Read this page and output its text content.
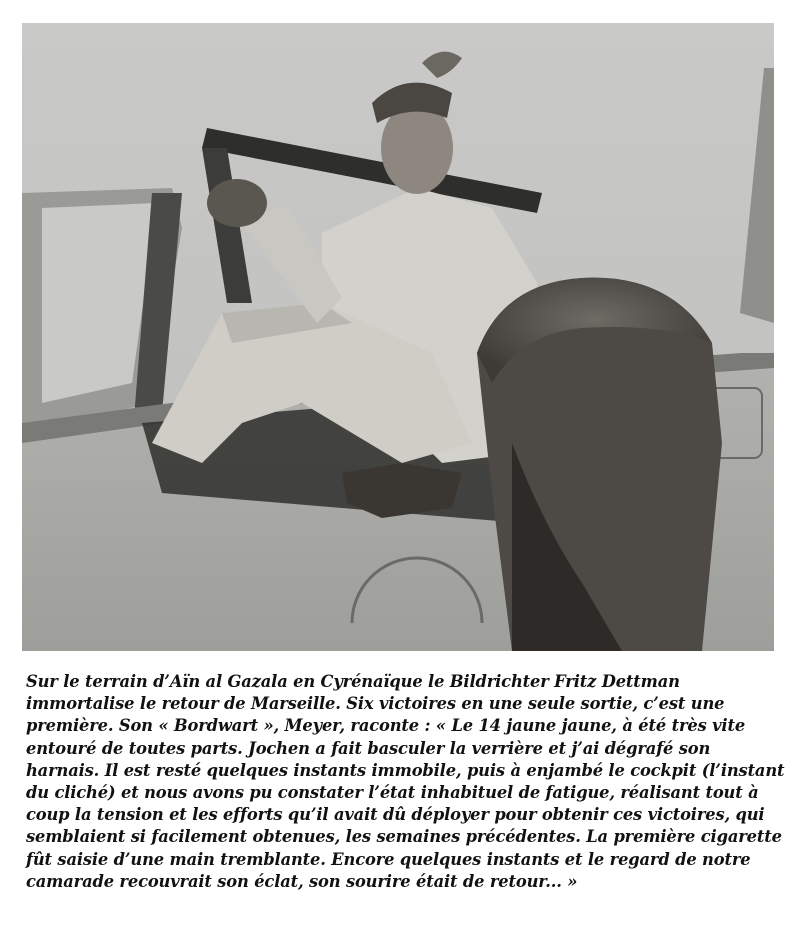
Sur le terrain d’Aïn al Gazala en Cyrénaïque le Bildrichter Fritz Dettman
immortalise le retour de Marseille. Six victoires en une seule sortie, c’est une
première. Son « Bordwart », Meyer, raconte : « Le 14 jaune jaune, à été très vite
entouré de toutes parts. Jochen a fait basculer la verrière et j’ai dégrafé son
harnais. Il est resté quelques instants immobile, puis à enjambé le cockpit (l’instant
du cliché) et nous avons pu constater l’état inhabituel de fatigue, réalisant tout à
coup la tension et les efforts qu’il avait dû déployer pour obtenir ces victoires, qui
semblaient si facilement obtenues, les semaines précédentes. La première cigarette
fût saisie d’une main tremblante. Encore quelques instants et le regard de notre
camarade recouvrait son éclat, son sourire était de retour... »
